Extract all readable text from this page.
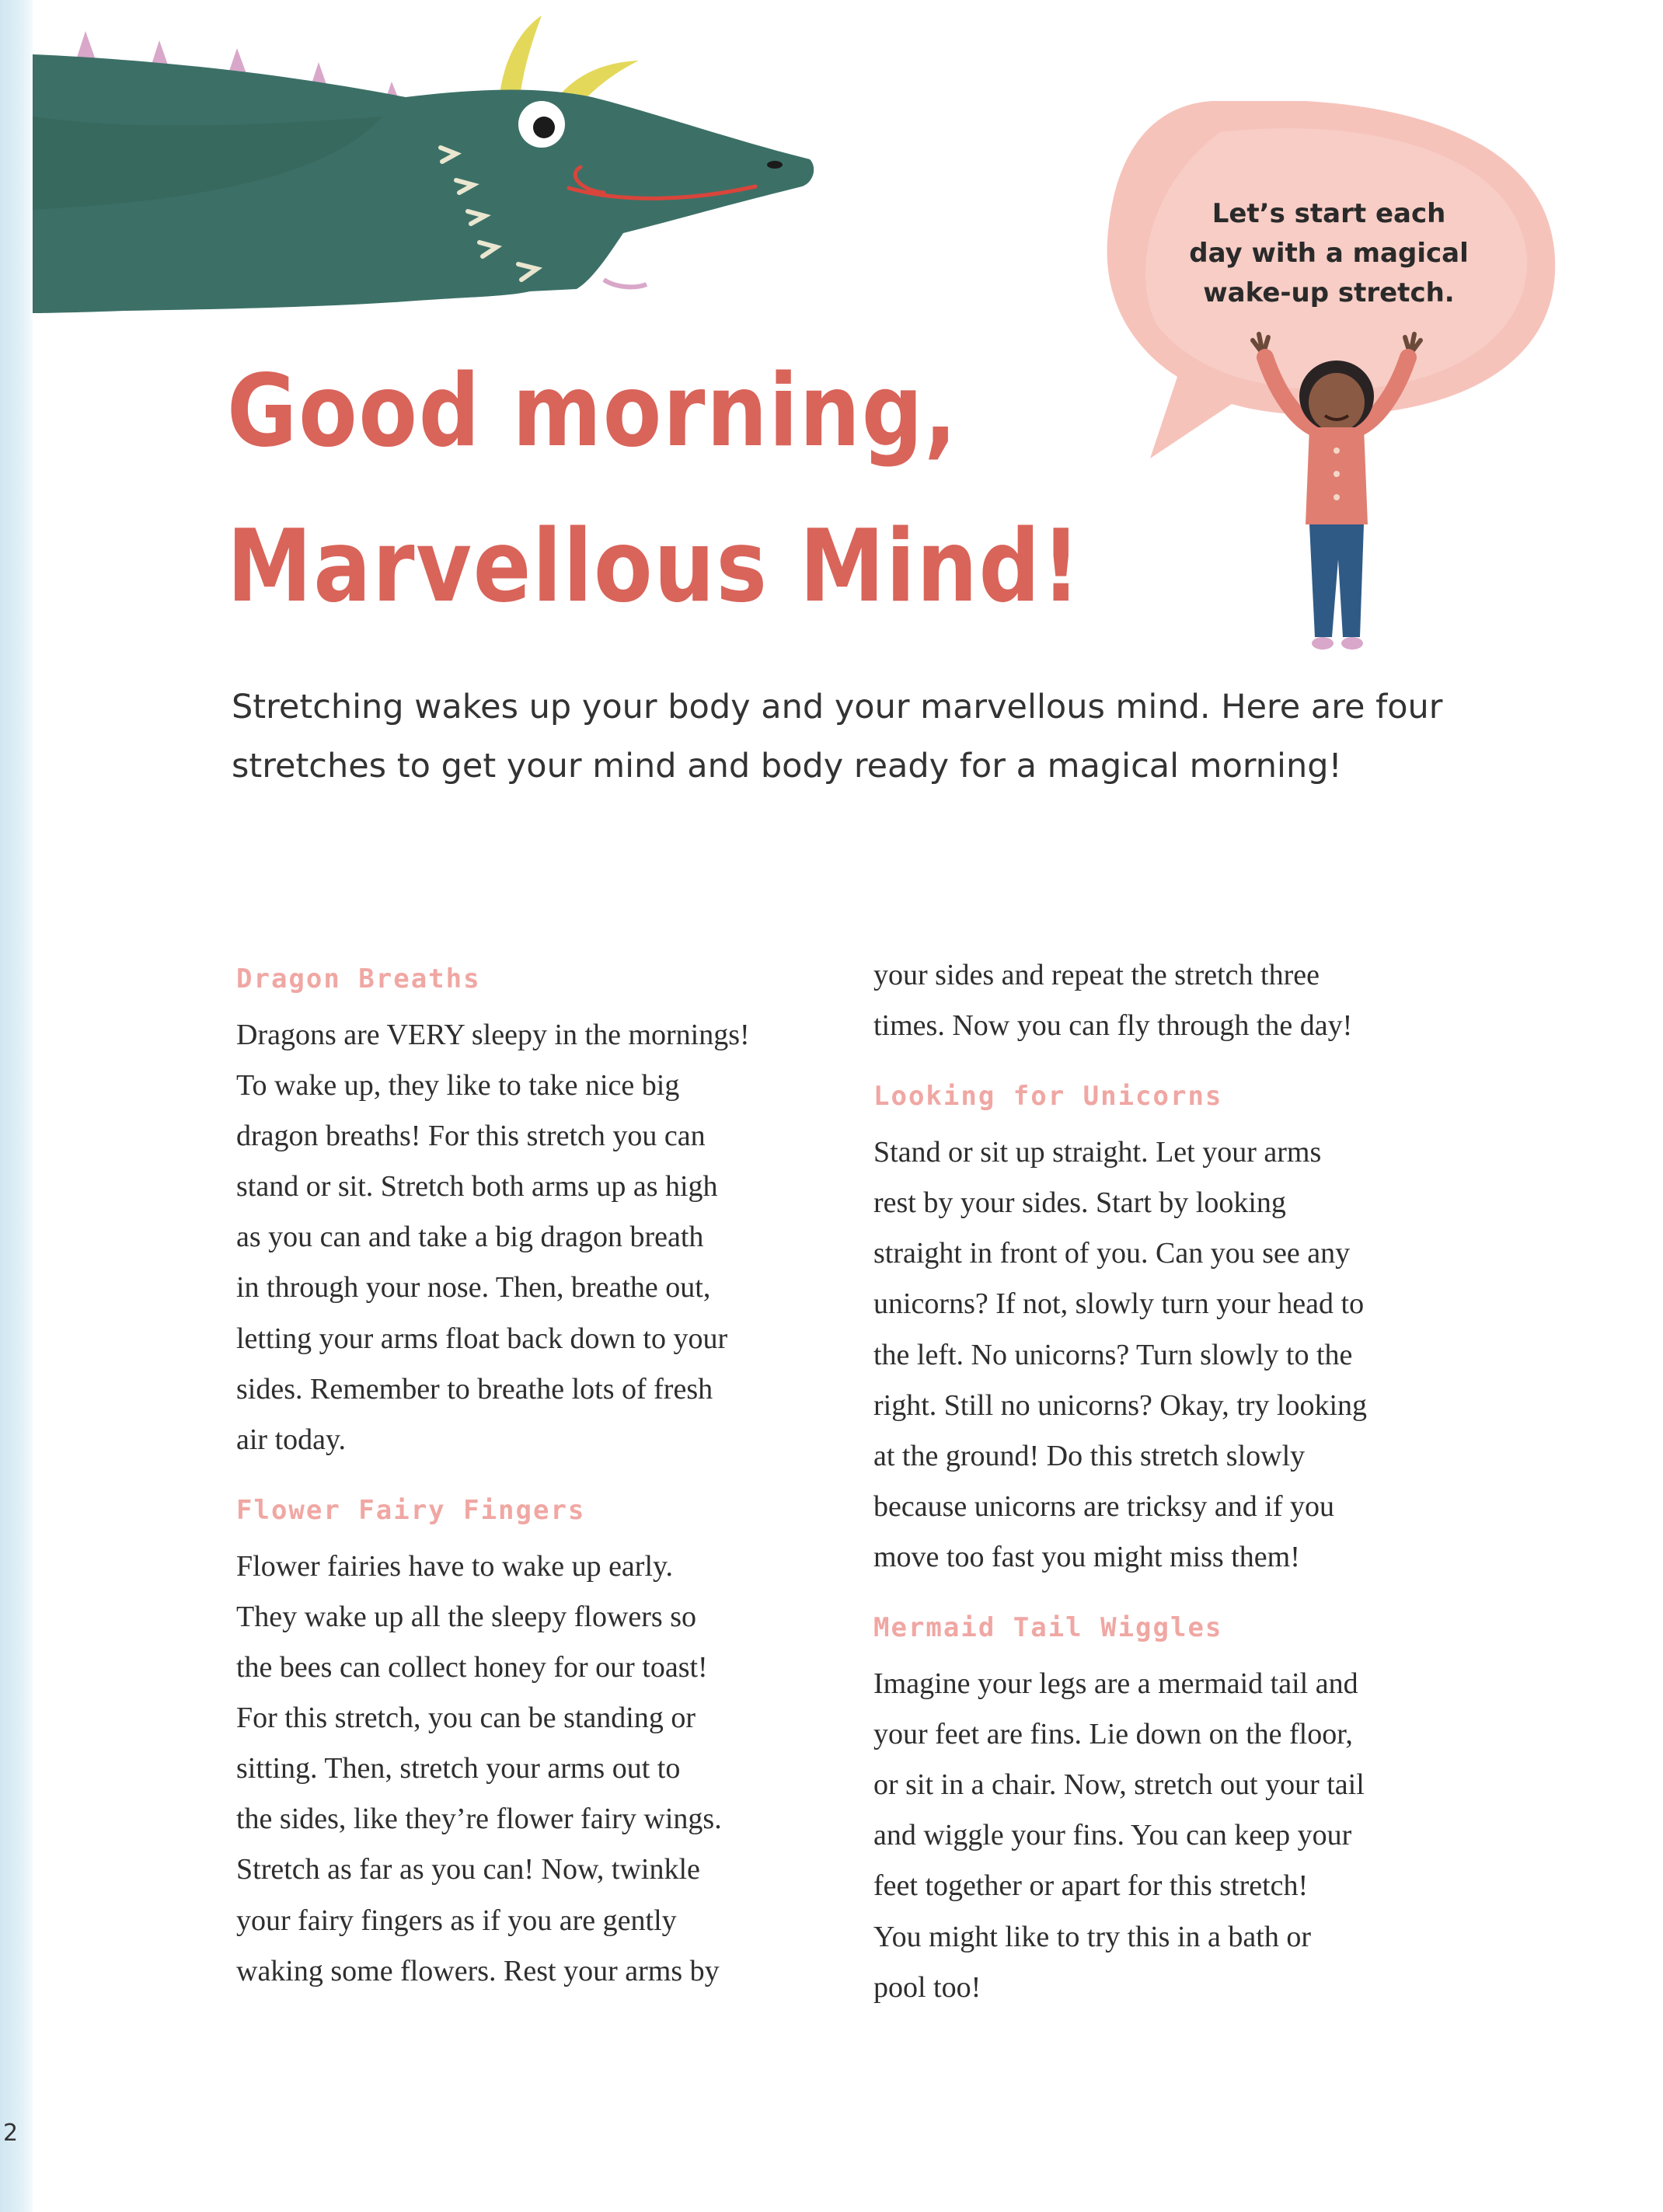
Let’s start each
day with a magical
wake-up stretch.

Good morning,
Marvellous Mind!

Stretching wakes up your body and your marvellous mind. Here are four
stretches to get your mind and body ready for a magical morning!

Dragon Breaths

Dragons are VERY sleepy in the mornings!
To wake up, they like to take nice big
dragon breaths! For this stretch you can
stand or sit. Stretch both arms up as high
as you can and take a big dragon breath
in through your nose. Then, breathe out,
letting your arms float back down to your
sides. Remember to breathe lots of fresh
air today.

Flower Fairy Fingers

Flower fairies have to wake up early.
They wake up all the sleepy flowers so
the bees can collect honey for our toast!
For this stretch, you can be standing or
sitting. Then, stretch your arms out to
the sides, like they’re flower fairy wings.
Stretch as far as you can! Now, twinkle
your fairy fingers as if you are gently
waking some flowers. Rest your arms by

your sides and repeat the stretch three
times. Now you can fly through the day!

Looking for Unicorns

Stand or sit up straight. Let your arms
rest by your sides. Start by looking
straight in front of you. Can you see any
unicorns? If not, slowly turn your head to
the left. No unicorns? Turn slowly to the
right. Still no unicorns? Okay, try looking
at the ground! Do this stretch slowly
because unicorns are tricksy and if you
move too fast you might miss them!

Mermaid Tail Wiggles

Imagine your legs are a mermaid tail and
your feet are fins. Lie down on the floor,
or sit in a chair. Now, stretch out your tail
and wiggle your fins. You can keep your
feet together or apart for this stretch!
You might like to try this in a bath or
pool too!

2
